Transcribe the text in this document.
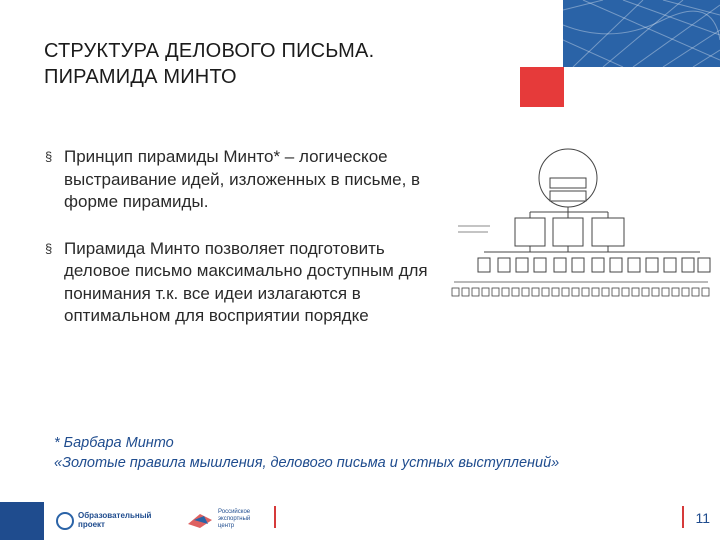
СТРУКТУРА ДЕЛОВОГО ПИСЬМА.
ПИРАМИДА МИНТО
§ Принцип пирамиды Минто* – логическое выстраивание идей, изложенных в письме, в форме пирамиды.
§ Пирамида Минто позволяет подготовить деловое письмо максимально доступным для понимания т.к. все идеи излагаются в оптимальном для восприятии порядке
* Барбара Минто
«Золотые правила мышления, делового письма и устных выступлений»
Образовательный
проект
Российское
экспортный
центр	11
